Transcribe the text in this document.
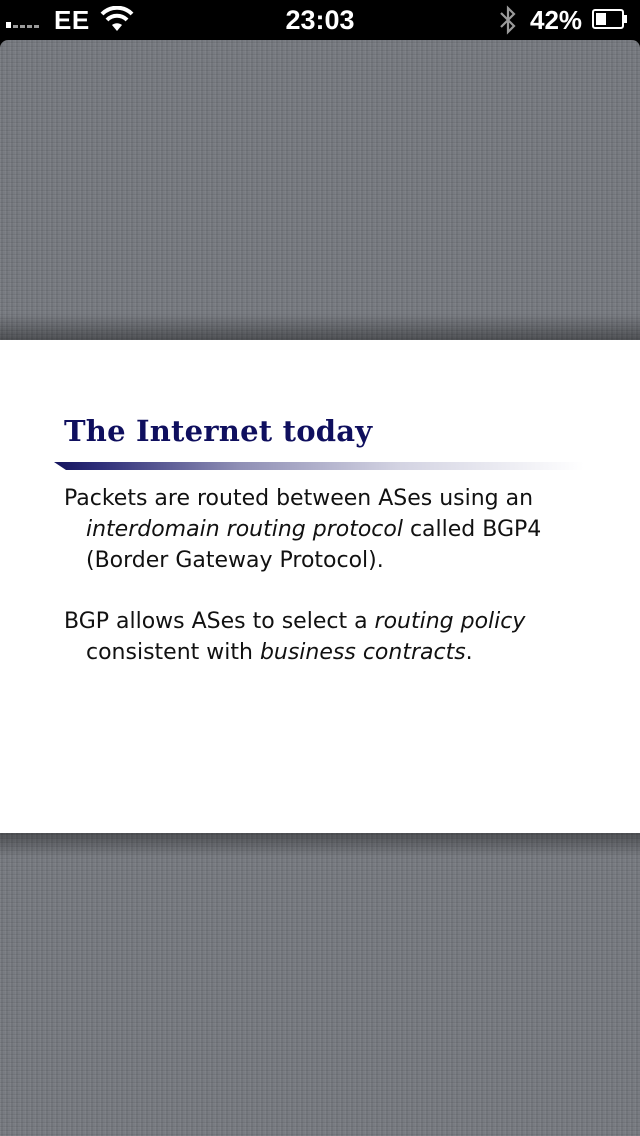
EE	23:03	42%
The Internet today

Packets are routed between ASes using an interdomain routing protocol called BGP4 (Border Gateway Protocol).

BGP allows ASes to select a routing policy consistent with business contracts.
